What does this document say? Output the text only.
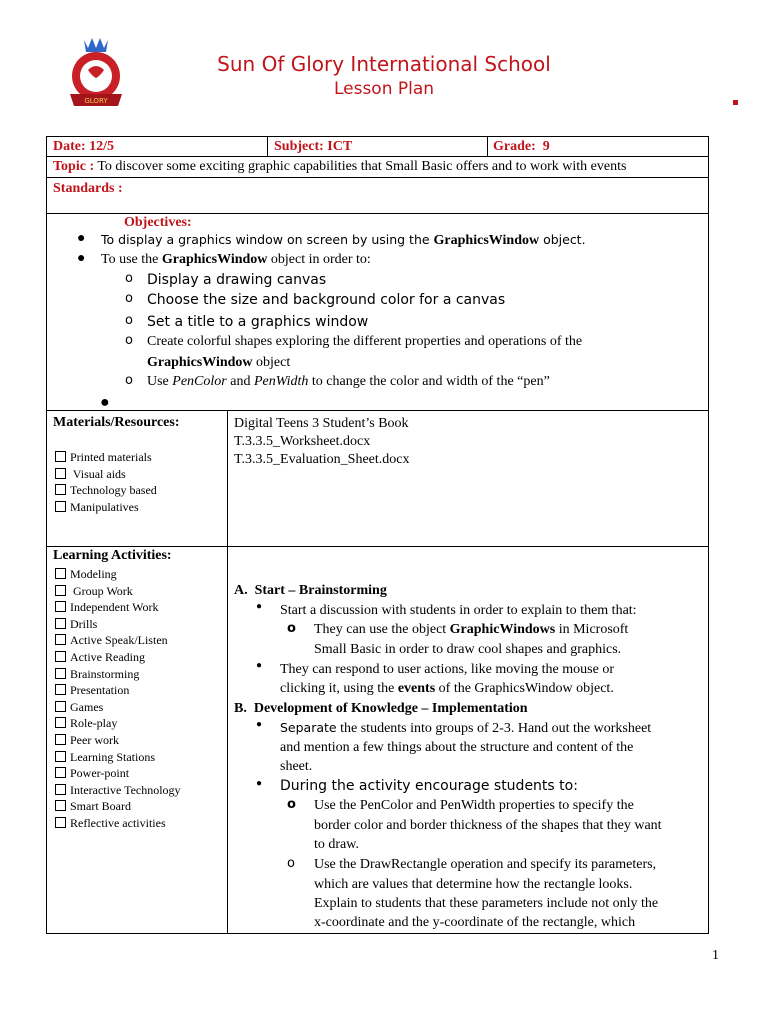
GLORY
Sun Of Glory International School
Lesson Plan
Date: 12/5	Subject: ICT	Grade: 9
Topic : To discover some exciting graphic capabilities that Small Basic offers and to work with events
Standards :
Objectives:
● To display a graphics window on screen by using the GraphicsWindow object.
● To use the GraphicsWindow object in order to:
o Display a drawing canvas
o Choose the size and background color for a canvas
o Set a title to a graphics window
o Create colorful shapes exploring the different properties and operations of the
GraphicsWindow object
o Use PenColor and PenWidth to change the color and width of the “pen”
●
Materials/Resources:
Printed materials
Visual aids
Technology based
Manipulatives
Digital Teens 3 Student’s Book
T.3.3.5_Worksheet.docx
T.3.3.5_Evaluation_Sheet.docx
Learning Activities:
Modeling
Group Work
Independent Work
Drills
Active Speak/Listen
Active Reading
Brainstorming
Presentation
Games
Role-play
Peer work
Learning Stations
Power-point
Interactive Technology
Smart Board
Reflective activities
A.  Start – Brainstorming
● Start a discussion with students in order to explain to them that:
o They can use the object GraphicWindows in Microsoft
Small Basic in order to draw cool shapes and graphics.
● They can respond to user actions, like moving the mouse or
clicking it, using the events of the GraphicsWindow object.
B.  Development of Knowledge – Implementation
● Separate the students into groups of 2-3. Hand out the worksheet
and mention a few things about the structure and content of the
sheet.
● During the activity encourage students to:
o Use the PenColor and PenWidth properties to specify the
border color and border thickness of the shapes that they want
to draw.
o Use the DrawRectangle operation and specify its parameters,
which are values that determine how the rectangle looks.
Explain to students that these parameters include not only the
x-coordinate and the y-coordinate of the rectangle, which
1
